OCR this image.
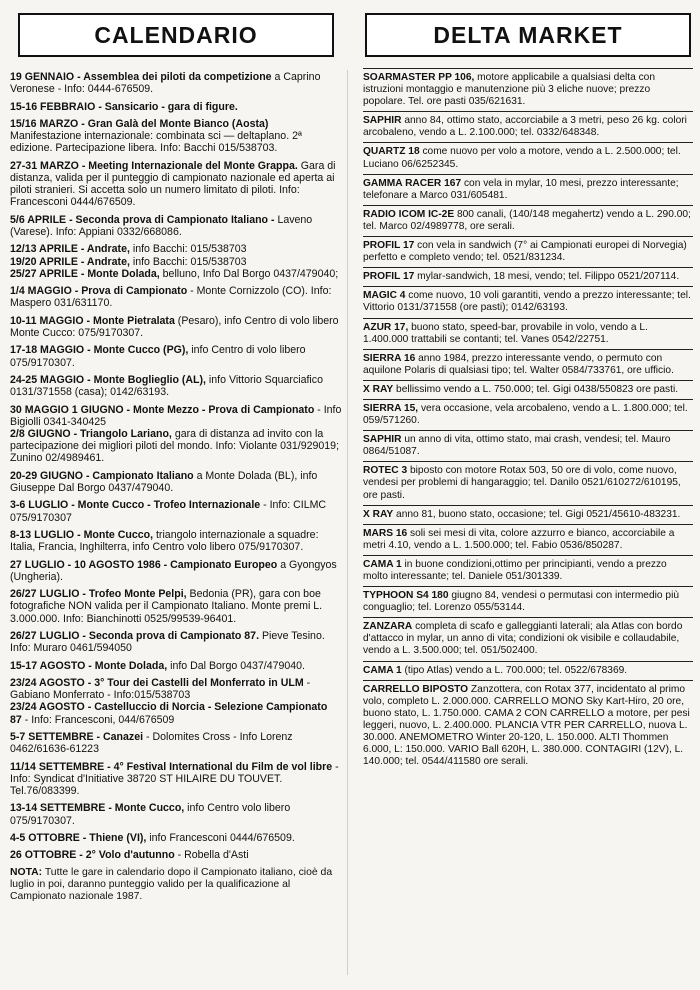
CALENDARIO
19 GENNAIO - Assemblea dei piloti da competizione a Caprino Veronese - Info: 0444-676509.
15-16 FEBBRAIO - Sansicario - gara di figure.
15/16 MARZO - Gran Galà del Monte Bianco (Aosta) Manifestazione internazionale: combinata sci — deltaplano. 2ª edizione. Partecipazione libera. Info: Bacchi 015/538703.
27-31 MARZO - Meeting Internazionale del Monte Grappa. Gara di distanza, valida per il punteggio di campionato nazionale ed aperta ai piloti stranieri. Si accetta solo un numero limitato di piloti. Info: Francesconi 0444/676509.
5/6 APRILE - Seconda prova di Campionato Italiano - Laveno (Varese). Info: Appiani 0332/668086.
12/13 APRILE - Andrate, info Bacchi: 015/538703
19/20 APRILE - Andrate, info Bacchi: 015/538703
25/27 APRILE - Monte Dolada, belluno, Info Dal Borgo 0437/479040;
1/4 MAGGIO - Prova di Campionato - Monte Cornizzolo (CO). Info: Maspero 031/631170.
10-11 MAGGIO - Monte Pietralata (Pesaro), info Centro di volo libero Monte Cucco: 075/9170307.
17-18 MAGGIO - Monte Cucco (PG), info Centro di volo libero 075/9170307.
24-25 MAGGIO - Monte Boglieglio (AL), info Vittorio Squarciafico 0131/371558 (casa); 0142/63193.
30 MAGGIO 1 GIUGNO - Monte Mezzo - Prova di Campionato - Info Bigiolli 0341-340425
2/8 GIUGNO - Triangolo Lariano, gara di distanza ad invito con la partecipazione dei migliori piloti del mondo. Info: Violante 031/929019; Zunino 02/4989461.
20-29 GIUGNO - Campionato Italiano a Monte Dolada (BL), info Giuseppe Dal Borgo 0437/479040.
3-6 LUGLIO - Monte Cucco - Trofeo Internazionale - Info: CILMC 075/9170307
8-13 LUGLIO - Monte Cucco, triangolo internazionale a squadre: Italia, Francia, Inghilterra, info Centro volo libero 075/9170307.
27 LUGLIO - 10 AGOSTO 1986 - Campionato Europeo a Gyongyos (Ungheria).
26/27 LUGLIO - Trofeo Monte Pelpi, Bedonia (PR), gara con boe fotografiche NON valida per il Campionato Italiano. Monte premi L. 3.000.000. Info: Bianchinotti 0525/99539-96401.
26/27 LUGLIO - Seconda prova di Campionato 87. Pieve Tesino. Info: Muraro 0461/594050
15-17 AGOSTO - Monte Dolada, info Dal Borgo 0437/479040.
23/24 AGOSTO - 3° Tour dei Castelli del Monferrato in ULM - Gabiano Monferrato - Info:015/538703
23/24 AGOSTO - Castelluccio di Norcia - Selezione Campionato 87 - Info: Francesconi, 044/676509
5-7 SETTEMBRE - Canazei - Dolomites Cross - Info Lorenz 0462/61636-61223
11/14 SETTEMBRE - 4° Festival International du Film de vol libre - Info: Syndicat d'Initiative 38720 ST HILAIRE DU TOUVET. Tel.76/083399.
13-14 SETTEMBRE - Monte Cucco, info Centro volo libero 075/9170307.
4-5 OTTOBRE - Thiene (VI), info Francesconi 0444/676509.
26 OTTOBRE - 2° Volo d'autunno - Robella d'Asti
NOTA: Tutte le gare in calendario dopo il Campionato italiano, cioè da luglio in poi, daranno punteggio valido per la qualificazione al Campionato nazionale 1987.
DELTA MARKET
SOARMASTER PP 106, motore applicabile a qualsiasi delta con istruzioni montaggio e manutenzione più 3 eliche nuove; prezzo popolare. Tel. ore pasti 035/621631.
SAPHIR anno 84, ottimo stato, accorciabile a 3 metri, peso 26 kg. colori arcobaleno, vendo a L. 2.100.000; tel. 0332/648348.
QUARTZ 18 come nuovo per volo a motore, vendo a L. 2.500.000; tel. Luciano 06/6252345.
GAMMA RACER 167 con vela in mylar, 10 mesi, prezzo interessante; telefonare a Marco 031/605481.
RADIO ICOM IC-2E 800 canali, (140/148 megahertz) vendo a L. 290.00; tel. Marco 02/4989778, ore serali.
PROFIL 17 con vela in sandwich (7° ai Campionati europei di Norvegia) perfetto e completo vendo; tel. 0521/831234.
PROFIL 17 mylar-sandwich, 18 mesi, vendo; tel. Filippo 0521/207114.
MAGIC 4 come nuovo, 10 voli garantiti, vendo a prezzo interessante; tel. Vittorio 0131/371558 (ore pasti); 0142/63193.
AZUR 17, buono stato, speed-bar, provabile in volo, vendo a L. 1.400.000 trattabili se contanti; tel. Vanes 0542/22751.
SIERRA 16 anno 1984, prezzo interessante vendo, o permuto con aquilone Polaris di qualsiasi tipo; tel. Walter 0584/733761, ore ufficio.
X RAY bellissimo vendo a L. 750.000; tel. Gigi 0438/550823 ore pasti.
SIERRA 15, vera occasione, vela arcobaleno, vendo a L. 1.800.000; tel. 059/571260.
SAPHIR un anno di vita, ottimo stato, mai crash, vendesi; tel. Mauro 0864/51087.
ROTEC 3 biposto con motore Rotax 503, 50 ore di volo, come nuovo, vendesi per problemi di hangaraggio; tel. Danilo 0521/610272/610195, ore pasti.
X RAY anno 81, buono stato, occasione; tel. Gigi 0521/45610-483231.
MARS 16 soli sei mesi di vita, colore azzurro e bianco, accorciabile a metri 4.10, vendo a L. 1.500.000; tel. Fabio 0536/850287.
CAMA 1 in buone condizioni,ottimo per principianti, vendo a prezzo molto interessante; tel. Daniele 051/301339.
TYPHOON S4 180 giugno 84, vendesi o permutasi con intermedio più conguaglio; tel. Lorenzo 055/53144.
ZANZARA completa di scafo e galleggianti laterali; ala Atlas con bordo d'attacco in mylar, un anno di vita; condizioni ok visibile e collaudabile, vendo a L. 3.500.000; tel. 051/502400.
CAMA 1 (tipo Atlas) vendo a L. 700.000; tel. 0522/678369.
CARRELLO BIPOSTO Zanzottera, con Rotax 377, incidentato al primo volo, completo L. 2.000.000. CARRELLO MONO Sky Kart-Hiro, 20 ore, buono stato, L. 1.750.000. CAMA 2 CON CARRELLO a motore, per pesi leggeri, nuovo, L. 2.400.000. PLANCIA VTR PER CARRELLO, nuova L. 30.000. ANEMOMETRO Winter 20-120, L. 150.000. ALTI Thommen 6.000, L: 150.000. VARIO Ball 620H, L. 380.000. CONTAGIRI (12V), L. 140.000; tel. 0544/411580 ore serali.
